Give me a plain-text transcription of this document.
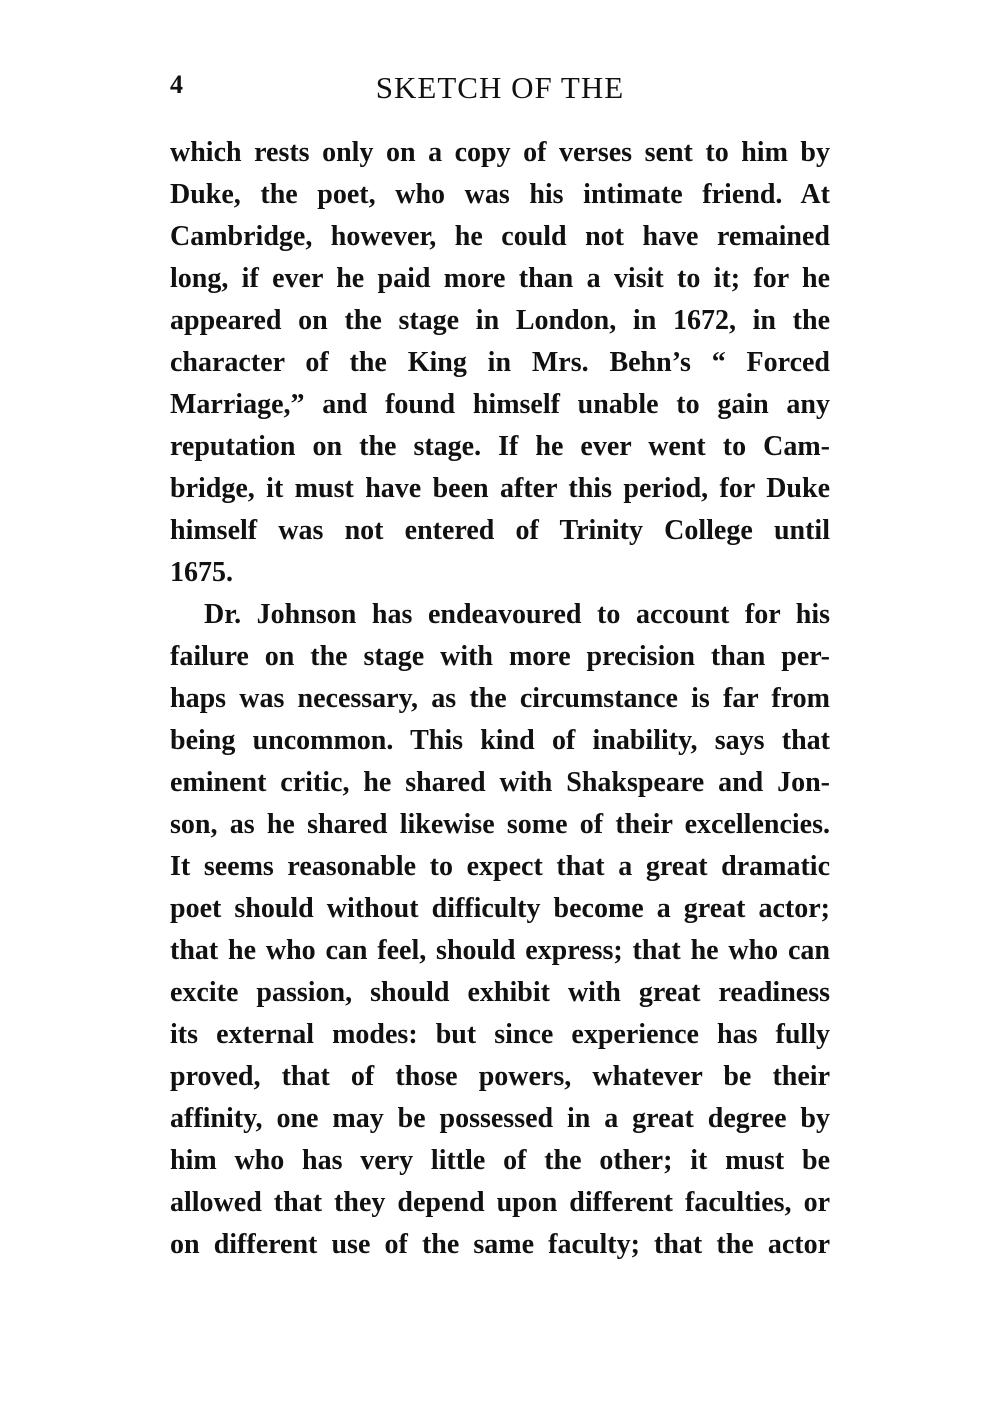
4	SKETCH OF THE
which rests only on a copy of verses sent to him by
Duke, the poet, who was his intimate friend. At
Cambridge, however, he could not have remained
long, if ever he paid more than a visit to it; for he
appeared on the stage in London, in 1672, in the
character of the King in Mrs. Behn’s “ Forced
Marriage,” and found himself unable to gain any
reputation on the stage. If he ever went to Cam-
bridge, it must have been after this period, for Duke
himself was not entered of Trinity College until
1675.
Dr. Johnson has endeavoured to account for his
failure on the stage with more precision than per-
haps was necessary, as the circumstance is far from
being uncommon. This kind of inability, says that
eminent critic, he shared with Shakspeare and Jon-
son, as he shared likewise some of their excellencies.
It seems reasonable to expect that a great dramatic
poet should without difficulty become a great actor;
that he who can feel, should express; that he who can
excite passion, should exhibit with great readiness
its external modes: but since experience has fully
proved, that of those powers, whatever be their
affinity, one may be possessed in a great degree by
him who has very little of the other; it must be
allowed that they depend upon different faculties, or
on different use of the same faculty; that the actor
